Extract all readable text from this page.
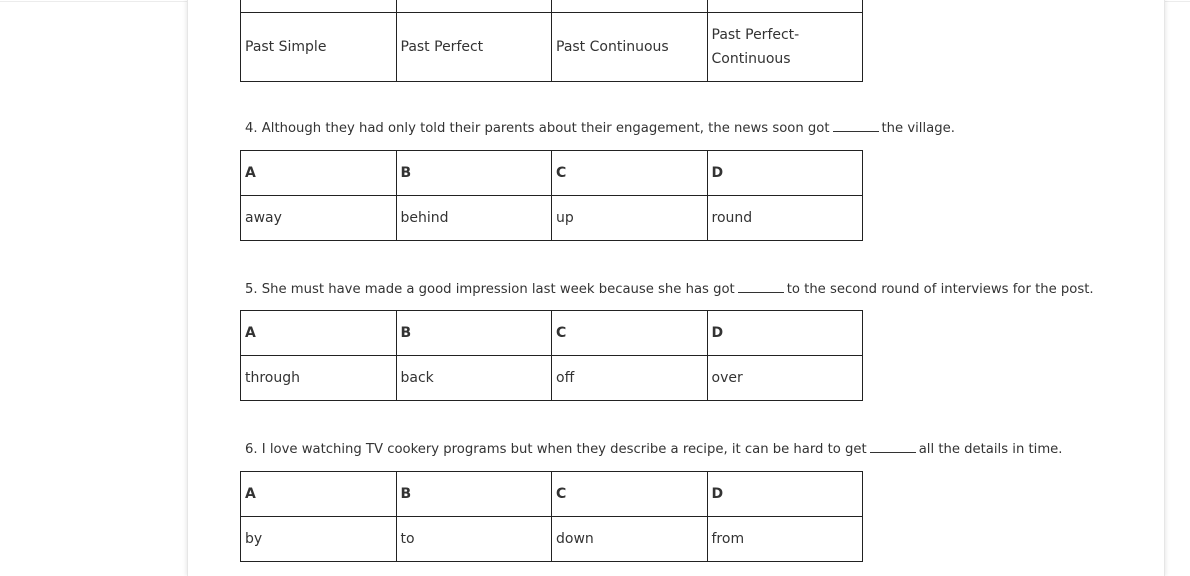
Past Simple	Past Perfect	Past Continuous	Past Perfect-
Continuous
4. Although they had only told their parents about their engagement, the news soon got	the village.
A	B	C	D
away	behind	up	round
5. She must have made a good impression last week because she has got	to the second round of interviews for the post.
A	B	C	D
through	back	off	over
6. I love watching TV cookery programs but when they describe a recipe, it can be hard to get	all the details in time.
A	B	C	D
by	to	down	from
